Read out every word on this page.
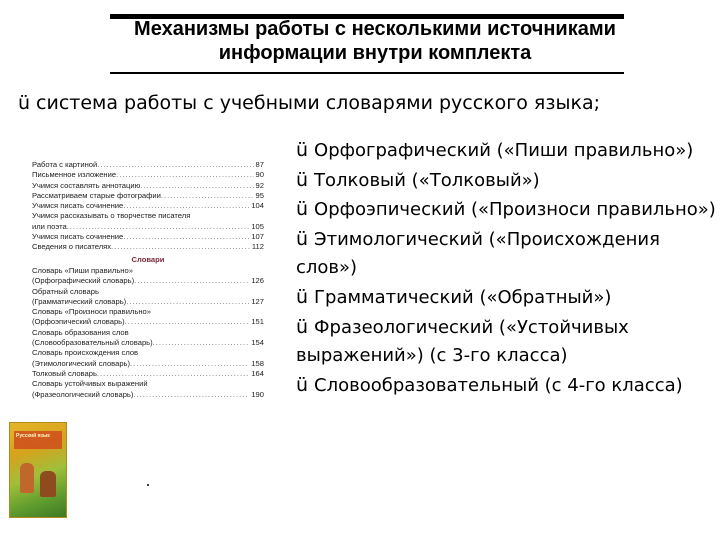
Механизмы работы с несколькими источниками
информации внутри комплекта
ü система работы с учебными словарями русского языка;
Работа с картиной .....	87
Письменное изложение .....	90
Учимся составлять аннотацию .....	92
Рассматриваем старые фотографии .....	95
Учимся писать сочинение .....	104
Учимся рассказывать о творчестве писателя
или поэта .....	105
Учимся писать сочинение .....	107
Сведения о писателях .....	112
Словари
Словарь «Пиши правильно»
(Орфографический словарь) .....	126
Обратный словарь
(Грамматический словарь) .....	127
Словарь «Произноси правильно»
(Орфоэпический словарь) .....	151
Словарь образования слов
(Словообразовательный словарь) .....	154
Словарь происхождения слов
(Этимологический словарь) .....	158
Толковый словарь .....	164
Словарь устойчивых выражений
(Фразеологический словарь) .....	190
Русский язык
ü Орфографический («Пиши правильно»)
ü Толковый («Толковый»)
ü Орфоэпический («Произноси правильно»)
ü Этимологический («Происхождения слов»)
ü Грамматический («Обратный»)
ü Фразеологический («Устойчивых выражений») (с 3-го класса)
ü Словообразовательный (с 4-го класса)
